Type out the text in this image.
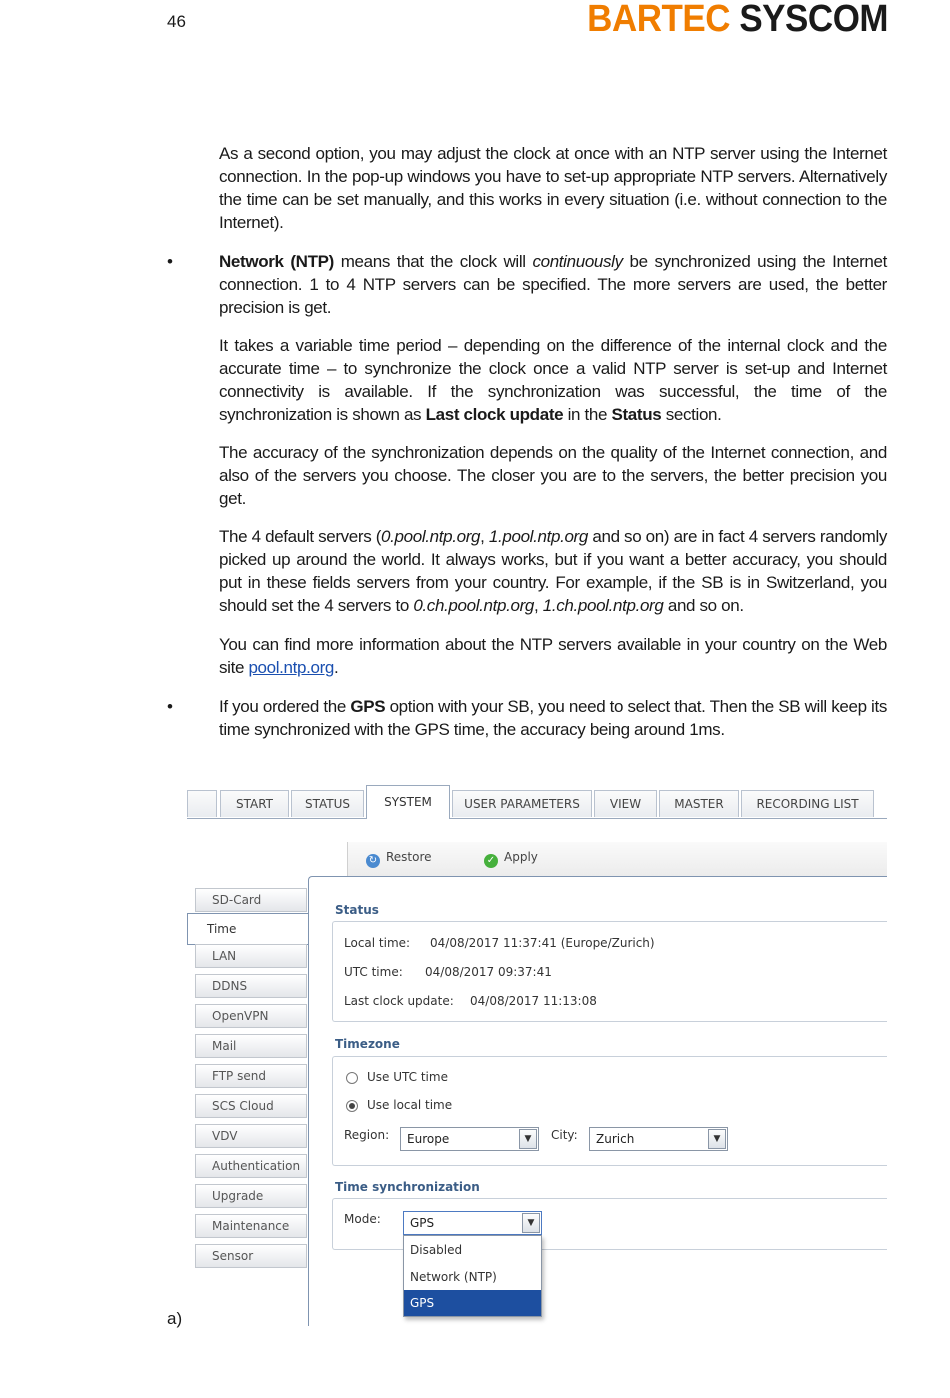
46	BARTEC SYSCOM

As a second option, you may adjust the clock at once with an NTP server using the Internet connection. In the pop-up windows you have to set-up appropriate NTP servers. Alternatively the time can be set manually, and this works in every situation (i.e. without connection to the Internet).

•	Network (NTP) means that the clock will continuously be synchronized using the Internet connection. 1 to 4 NTP servers can be specified. The more servers are used, the better precision is get.

It takes a variable time period – depending on the difference of the internal clock and the accurate time – to synchronize the clock once a valid NTP server is set-up and Internet connectivity is available. If the synchronization was successful, the time of the synchronization is shown as Last clock update in the Status section.

The accuracy of the synchronization depends on the quality of the Internet connection, and also of the servers you choose. The closer you are to the servers, the better precision you get.

The 4 default servers (0.pool.ntp.org, 1.pool.ntp.org and so on) are in fact 4 servers randomly picked up around the world. It always works, but if you want a better accuracy, you should put in these fields servers from your country. For example, if the SB is in Switzerland, you should set the 4 servers to 0.ch.pool.ntp.org, 1.ch.pool.ntp.org and so on.

You can find more information about the NTP servers available in your country on the Web site pool.ntp.org.

•	If you ordered the GPS option with your SB, you need to select that. Then the SB will keep its time synchronized with the GPS time, the accuracy being around 1ms.

START	STATUS	SYSTEM	USER PARAMETERS	VIEW	MASTER	RECORDING LIST
↻ Restore	✓ Apply
SD-Card
Time
LAN
DDNS
OpenVPN
Mail
FTP send
SCS Cloud
VDV
Authentication
Upgrade
Maintenance
Sensor
Status
Local time: 04/08/2017 11:37:41 (Europe/Zurich)
UTC time: 04/08/2017 09:37:41
Last clock update: 04/08/2017 11:13:08
Timezone
Use UTC time
Use local time
Region:	Europe	▼	City:	Zurich	▼
Time synchronization
Mode:	GPS	▼
Disabled
Network (NTP)
GPS
a)
